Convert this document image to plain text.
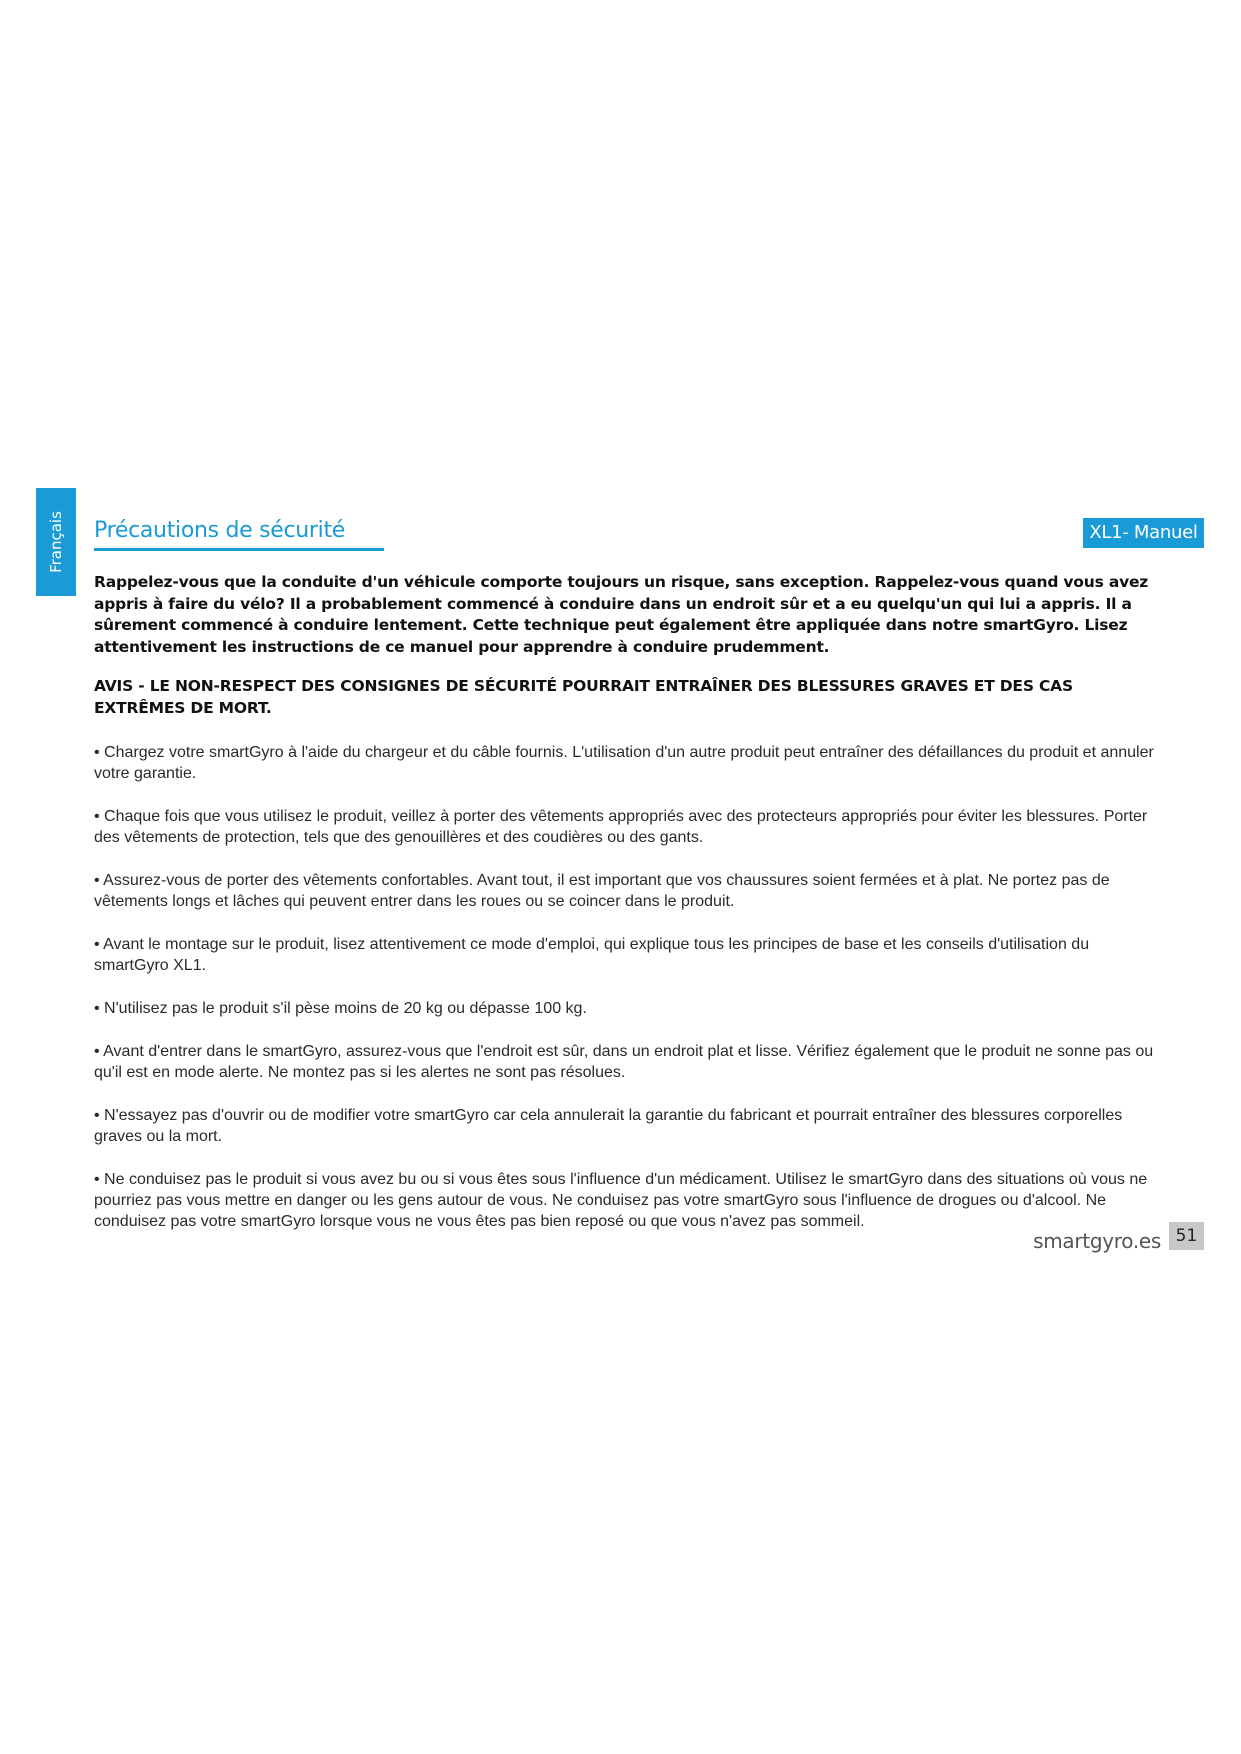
Français Précautions de sécurité	XL1- Manuel

Rappelez-vous que la conduite d'un véhicule comporte toujours un risque, sans exception. Rappelez-vous quand vous avez appris à faire du vélo? Il a probablement commencé à conduire dans un endroit sûr et a eu quelqu'un qui lui a appris. Il a sûrement commencé à conduire lentement. Cette technique peut également être appliquée dans notre smartGyro. Lisez attentivement les instructions de ce manuel pour apprendre à conduire prudemment.

AVIS - LE NON-RESPECT DES CONSIGNES DE SÉCURITÉ POURRAIT ENTRAÎNER DES BLESSURES GRAVES ET DES CAS EXTRÊMES DE MORT.

• Chargez votre smartGyro à l'aide du chargeur et du câble fournis. L'utilisation d'un autre produit peut entraîner des défaillances du produit et annuler votre garantie.
• Chaque fois que vous utilisez le produit, veillez à porter des vêtements appropriés avec des protecteurs appropriés pour éviter les blessures. Porter des vêtements de protection, tels que des genouillères et des coudières ou des gants.
• Assurez-vous de porter des vêtements confortables. Avant tout, il est important que vos chaussures soient fermées et à plat. Ne portez pas de vêtements longs et lâches qui peuvent entrer dans les roues ou se coincer dans le produit.
• Avant le montage sur le produit, lisez attentivement ce mode d'emploi, qui explique tous les principes de base et les conseils d'utilisation du smartGyro XL1.
• N'utilisez pas le produit s'il pèse moins de 20 kg ou dépasse 100 kg.
• Avant d'entrer dans le smartGyro, assurez-vous que l'endroit est sûr, dans un endroit plat et lisse. Vérifiez également que le produit ne sonne pas ou qu'il est en mode alerte. Ne montez pas si les alertes ne sont pas résolues.
• N'essayez pas d'ouvrir ou de modifier votre smartGyro car cela annulerait la garantie du fabricant et pourrait entraîner des blessures corporelles graves ou la mort.
• Ne conduisez pas le produit si vous avez bu ou si vous êtes sous l'influence d'un médicament. Utilisez le smartGyro dans des situations où vous ne pourriez pas vous mettre en danger ou les gens autour de vous. Ne conduisez pas votre smartGyro sous l'influence de drogues ou d'alcool. Ne conduisez pas votre smartGyro lorsque vous ne vous êtes pas bien reposé ou que vous n'avez pas sommeil.
smartgyro.es 51
